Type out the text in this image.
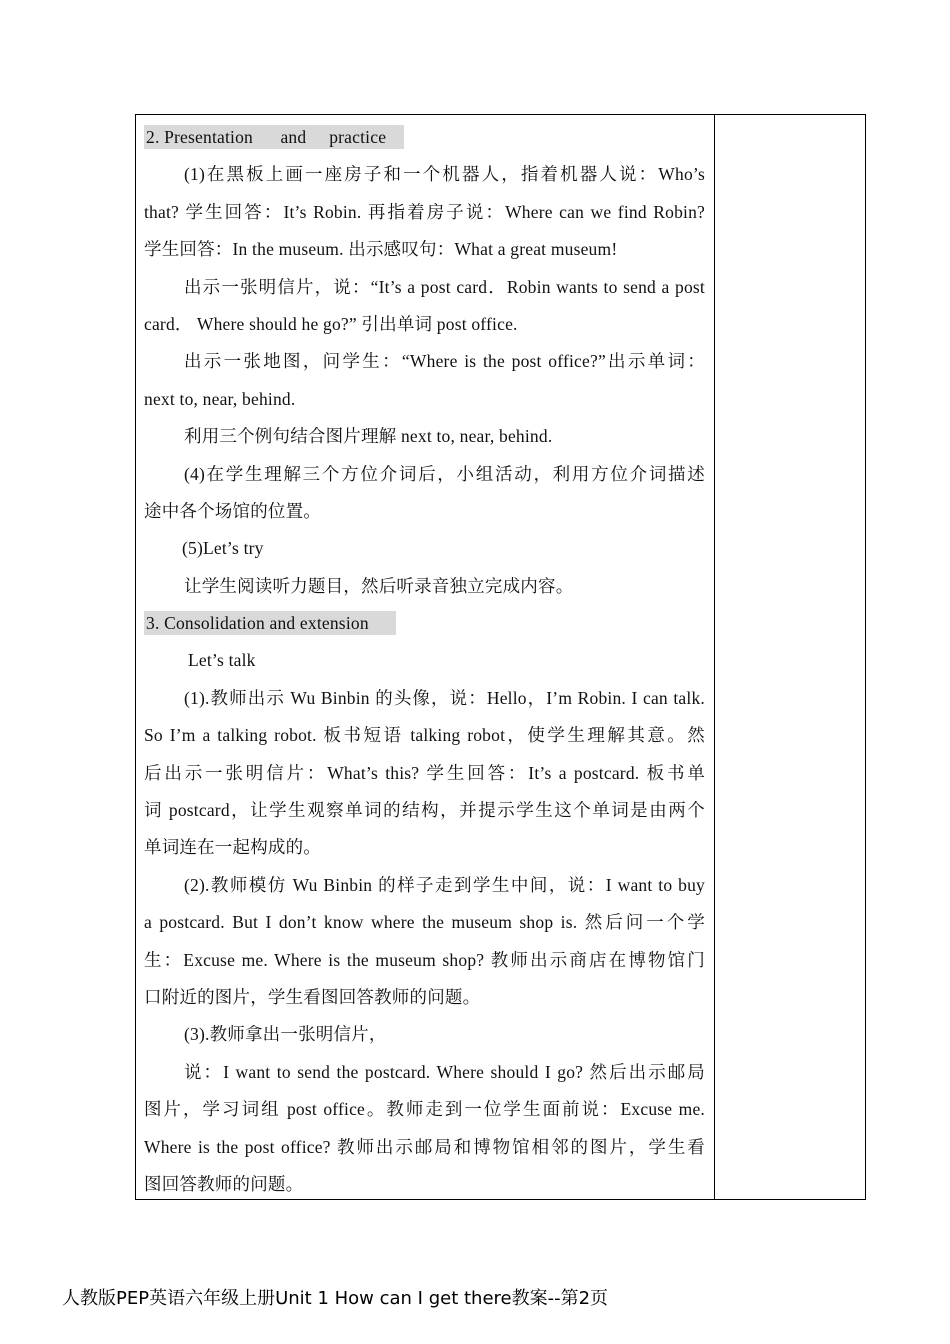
2. Presentation      and     practice
(1)在黑板上画一座房子和一个机器人，指着机器人说：Who’s
that? 学生回答：It’s Robin. 再指着房子说：Where can we find Robin?
学生回答：In the museum. 出示感叹句：What a great museum!
出示一张明信片，说：“It’s a post card．Robin wants to send a post
card． Where should he go?” 引出单词 post office.
出示一张地图，问学生：“Where is the post office?”出示单词：
next to, near, behind.
利用三个例句结合图片理解 next to, near, behind.
(4)在学生理解三个方位介词后，小组活动，利用方位介词描述
途中各个场馆的位置。
(5)Let’s try
让学生阅读听力题目，然后听录音独立完成内容。
3. Consolidation and extension
Let’s talk
(1).教师出示 Wu Binbin 的头像，说：Hello，I’m Robin. I can talk.
So I’m a talking robot. 板书短语 talking robot，使学生理解其意。然
后出示一张明信片：What’s this? 学生回答：It’s a postcard. 板书单
词 postcard，让学生观察单词的结构，并提示学生这个单词是由两个
单词连在一起构成的。
(2).教师模仿 Wu Binbin 的样子走到学生中间，说：I want to buy
a postcard. But I don’t know where the museum shop is. 然后问一个学
生：Excuse me. Where is the museum shop? 教师出示商店在博物馆门
口附近的图片，学生看图回答教师的问题。
(3).教师拿出一张明信片，
说：I want to send the postcard. Where should I go? 然后出示邮局
图片，学习词组 post office。教师走到一位学生面前说：Excuse me.
Where is the post office? 教师出示邮局和博物馆相邻的图片，学生看
图回答教师的问题。
人教版PEP英语六年级上册Unit 1 How can I get there教案--第2页
